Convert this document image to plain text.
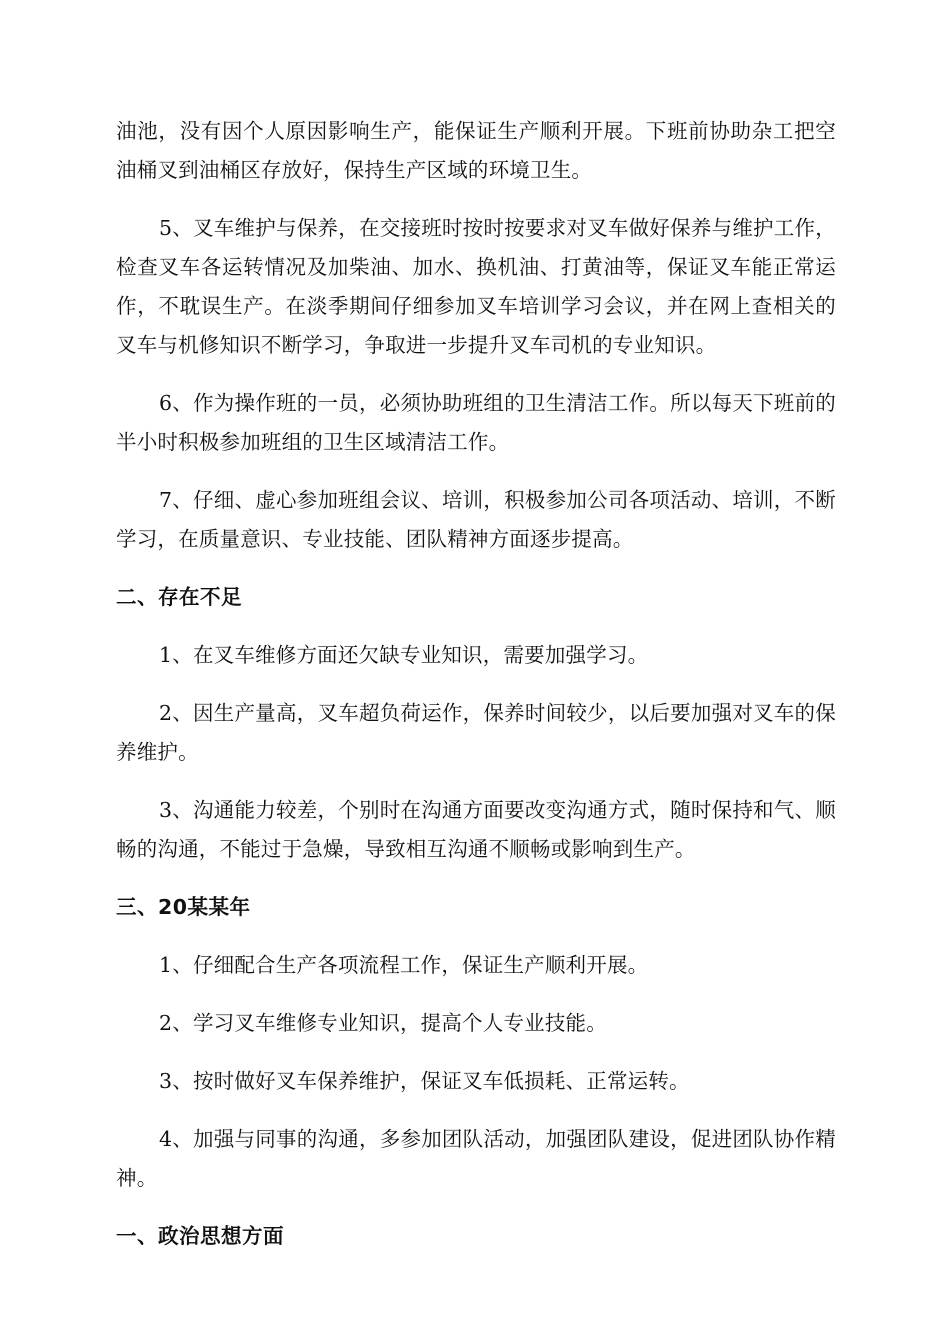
油池，没有因个人原因影响生产，能保证生产顺利开展。下班前协助杂工把空油桶叉到油桶区存放好，保持生产区域的环境卫生。

5、叉车维护与保养，在交接班时按时按要求对叉车做好保养与维护工作，检查叉车各运转情况及加柴油、加水、换机油、打黄油等，保证叉车能正常运作，不耽误生产。在淡季期间仔细参加叉车培训学习会议，并在网上查相关的叉车与机修知识不断学习，争取进一步提升叉车司机的专业知识。

6、作为操作班的一员，必须协助班组的卫生清洁工作。所以每天下班前的半小时积极参加班组的卫生区域清洁工作。

7、仔细、虚心参加班组会议、培训，积极参加公司各项活动、培训，不断学习，在质量意识、专业技能、团队精神方面逐步提高。

二、存在不足

1、在叉车维修方面还欠缺专业知识，需要加强学习。

2、因生产量高，叉车超负荷运作，保养时间较少，以后要加强对叉车的保养维护。

3、沟通能力较差，个别时在沟通方面要改变沟通方式，随时保持和气、顺畅的沟通，不能过于急燥，导致相互沟通不顺畅或影响到生产。

三、20某某年

1、仔细配合生产各项流程工作，保证生产顺利开展。

2、学习叉车维修专业知识，提高个人专业技能。

3、按时做好叉车保养维护，保证叉车低损耗、正常运转。

4、加强与同事的沟通，多参加团队活动，加强团队建设，促进团队协作精神。

一、政治思想方面
